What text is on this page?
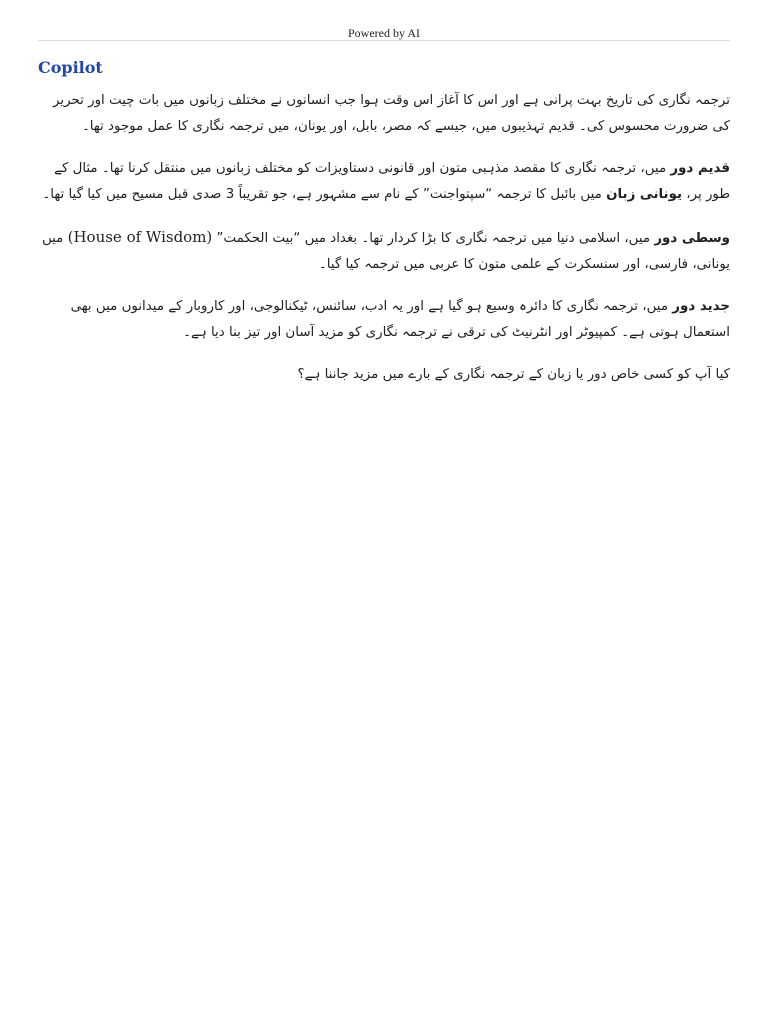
Powered by AI
Copilot

ترجمہ نگاری کی تاریخ بہت پرانی ہے اور اس کا آغاز اس وقت ہوا جب انسانوں نے مختلف زبانوں میں بات چیت اور تحریر کی ضرورت محسوس کی۔ قدیم تہذیبوں میں، جیسے کہ مصر، بابل، اور یونان، میں ترجمہ نگاری کا عمل موجود تھا۔

قدیم دور میں، ترجمہ نگاری کا مقصد مذہبی متون اور قانونی دستاویزات کو مختلف زبانوں میں منتقل کرنا تھا۔ مثال کے طور پر، یونانی زبان میں بائبل کا ترجمہ “سپتواجنت” کے نام سے مشہور ہے، جو تقریباً 3 صدی قبل مسیح میں کیا گیا تھا۔

وسطی دور میں، اسلامی دنیا میں ترجمہ نگاری کا بڑا کردار تھا۔ بغداد میں “بیت الحکمت” (House of Wisdom) میں یونانی، فارسی، اور سنسکرت کے علمی متون کا عربی میں ترجمہ کیا گیا۔

جدید دور میں، ترجمہ نگاری کا دائرہ وسیع ہو گیا ہے اور یہ ادب، سائنس، ٹیکنالوجی، اور کاروبار کے میدانوں میں بھی استعمال ہوتی ہے۔ کمپیوٹر اور انٹرنیٹ کی ترقی نے ترجمہ نگاری کو مزید آسان اور تیز بنا دیا ہے۔

کیا آپ کو کسی خاص دور یا زبان کے ترجمہ نگاری کے بارے میں مزید جاننا ہے؟
